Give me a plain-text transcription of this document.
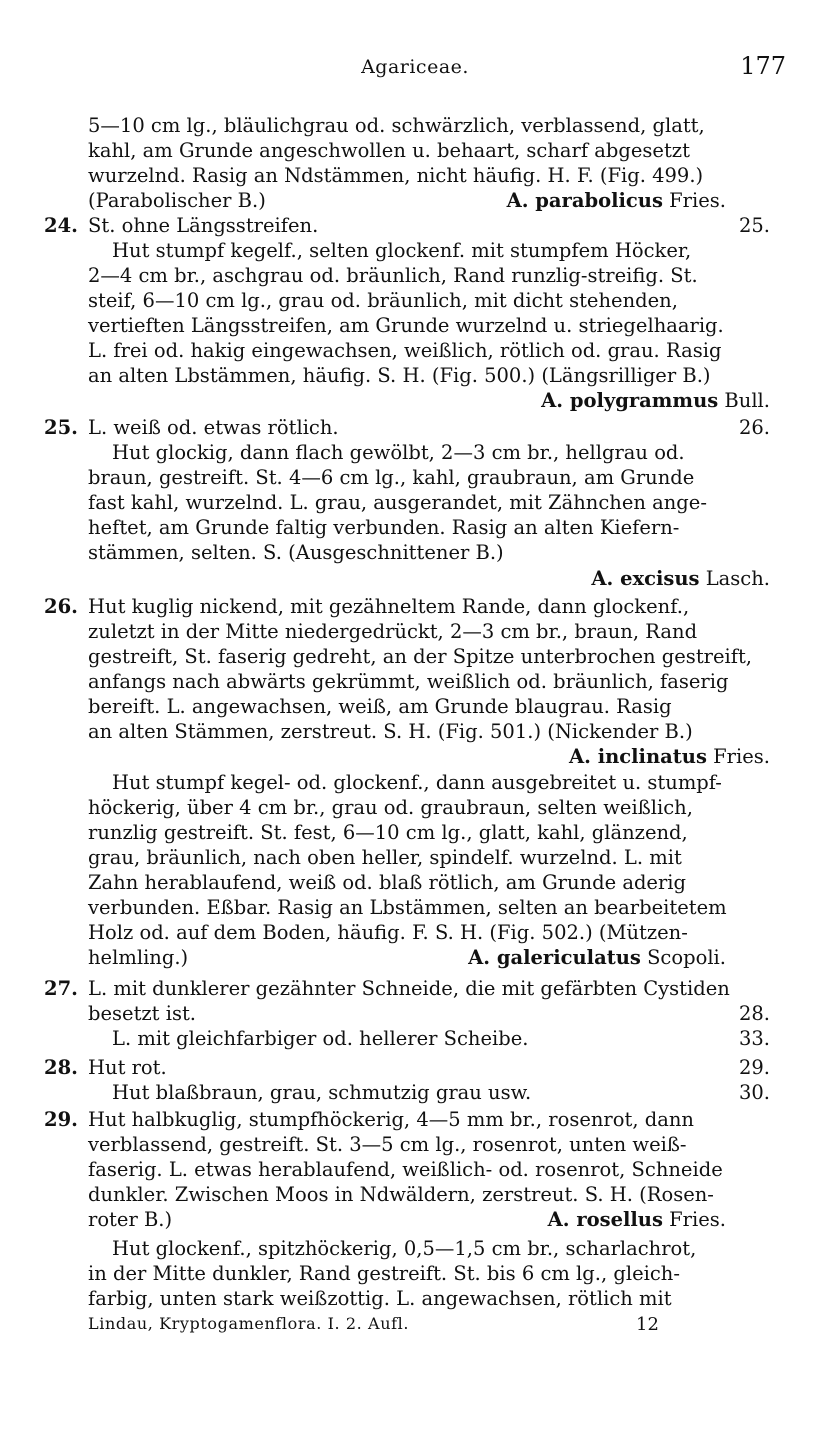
Agariceae.	177
5—10 cm lg., bläulichgrau od. schwärzlich, verblassend, glatt,
kahl, am Grunde angeschwollen u. behaart, scharf abgesetzt
wurzelnd. Rasig an Ndstämmen, nicht häufig. H. F. (Fig. 499.)
(Parabolischer B.)	A. parabolicus Fries.
24. St. ohne Längsstreifen.	25.
Hut stumpf kegelf., selten glockenf. mit stumpfem Höcker,
2—4 cm br., aschgrau od. bräunlich, Rand runzlig-streifig. St.
steif, 6—10 cm lg., grau od. bräunlich, mit dicht stehenden,
vertieften Längsstreifen, am Grunde wurzelnd u. striegelhaarig.
L. frei od. hakig eingewachsen, weißlich, rötlich od. grau. Rasig
an alten Lbstämmen, häufig. S. H. (Fig. 500.) (Längsrilliger B.)
A. polygrammus Bull.
25. L. weiß od. etwas rötlich.	26.
Hut glockig, dann flach gewölbt, 2—3 cm br., hellgrau od.
braun, gestreift. St. 4—6 cm lg., kahl, graubraun, am Grunde
fast kahl, wurzelnd. L. grau, ausgerandet, mit Zähnchen ange-
heftet, am Grunde faltig verbunden. Rasig an alten Kiefern-
stämmen, selten. S. (Ausgeschnittener B.)
A. excisus Lasch.
26. Hut kuglig nickend, mit gezähneltem Rande, dann glockenf.,
zuletzt in der Mitte niedergedrückt, 2—3 cm br., braun, Rand
gestreift, St. faserig gedreht, an der Spitze unterbrochen gestreift,
anfangs nach abwärts gekrümmt, weißlich od. bräunlich, faserig
bereift. L. angewachsen, weiß, am Grunde blaugrau. Rasig
an alten Stämmen, zerstreut. S. H. (Fig. 501.) (Nickender B.)
A. inclinatus Fries.
Hut stumpf kegel- od. glockenf., dann ausgebreitet u. stumpf-
höckerig, über 4 cm br., grau od. graubraun, selten weißlich,
runzlig gestreift. St. fest, 6—10 cm lg., glatt, kahl, glänzend,
grau, bräunlich, nach oben heller, spindelf. wurzelnd. L. mit
Zahn herablaufend, weiß od. blaß rötlich, am Grunde aderig
verbunden. Eßbar. Rasig an Lbstämmen, selten an bearbeitetem
Holz od. auf dem Boden, häufig. F. S. H. (Fig. 502.) (Mützen-
helmling.)	A. galericulatus Scopoli.
27. L. mit dunklerer gezähnter Schneide, die mit gefärbten Cystiden
besetzt ist.	28.
L. mit gleichfarbiger od. hellerer Scheibe.	33.
28. Hut rot.	29.
Hut blaßbraun, grau, schmutzig grau usw.	30.
29. Hut halbkuglig, stumpfhöckerig, 4—5 mm br., rosenrot, dann
verblassend, gestreift. St. 3—5 cm lg., rosenrot, unten weiß-
faserig. L. etwas herablaufend, weißlich- od. rosenrot, Schneide
dunkler. Zwischen Moos in Ndwäldern, zerstreut. S. H. (Rosen-
roter B.)	A. rosellus Fries.
Hut glockenf., spitzhöckerig, 0,5—1,5 cm br., scharlachrot,
in der Mitte dunkler, Rand gestreift. St. bis 6 cm lg., gleich-
farbig, unten stark weißzottig. L. angewachsen, rötlich mit
Lindau, Kryptogamenflora. I. 2. Aufl.	12
